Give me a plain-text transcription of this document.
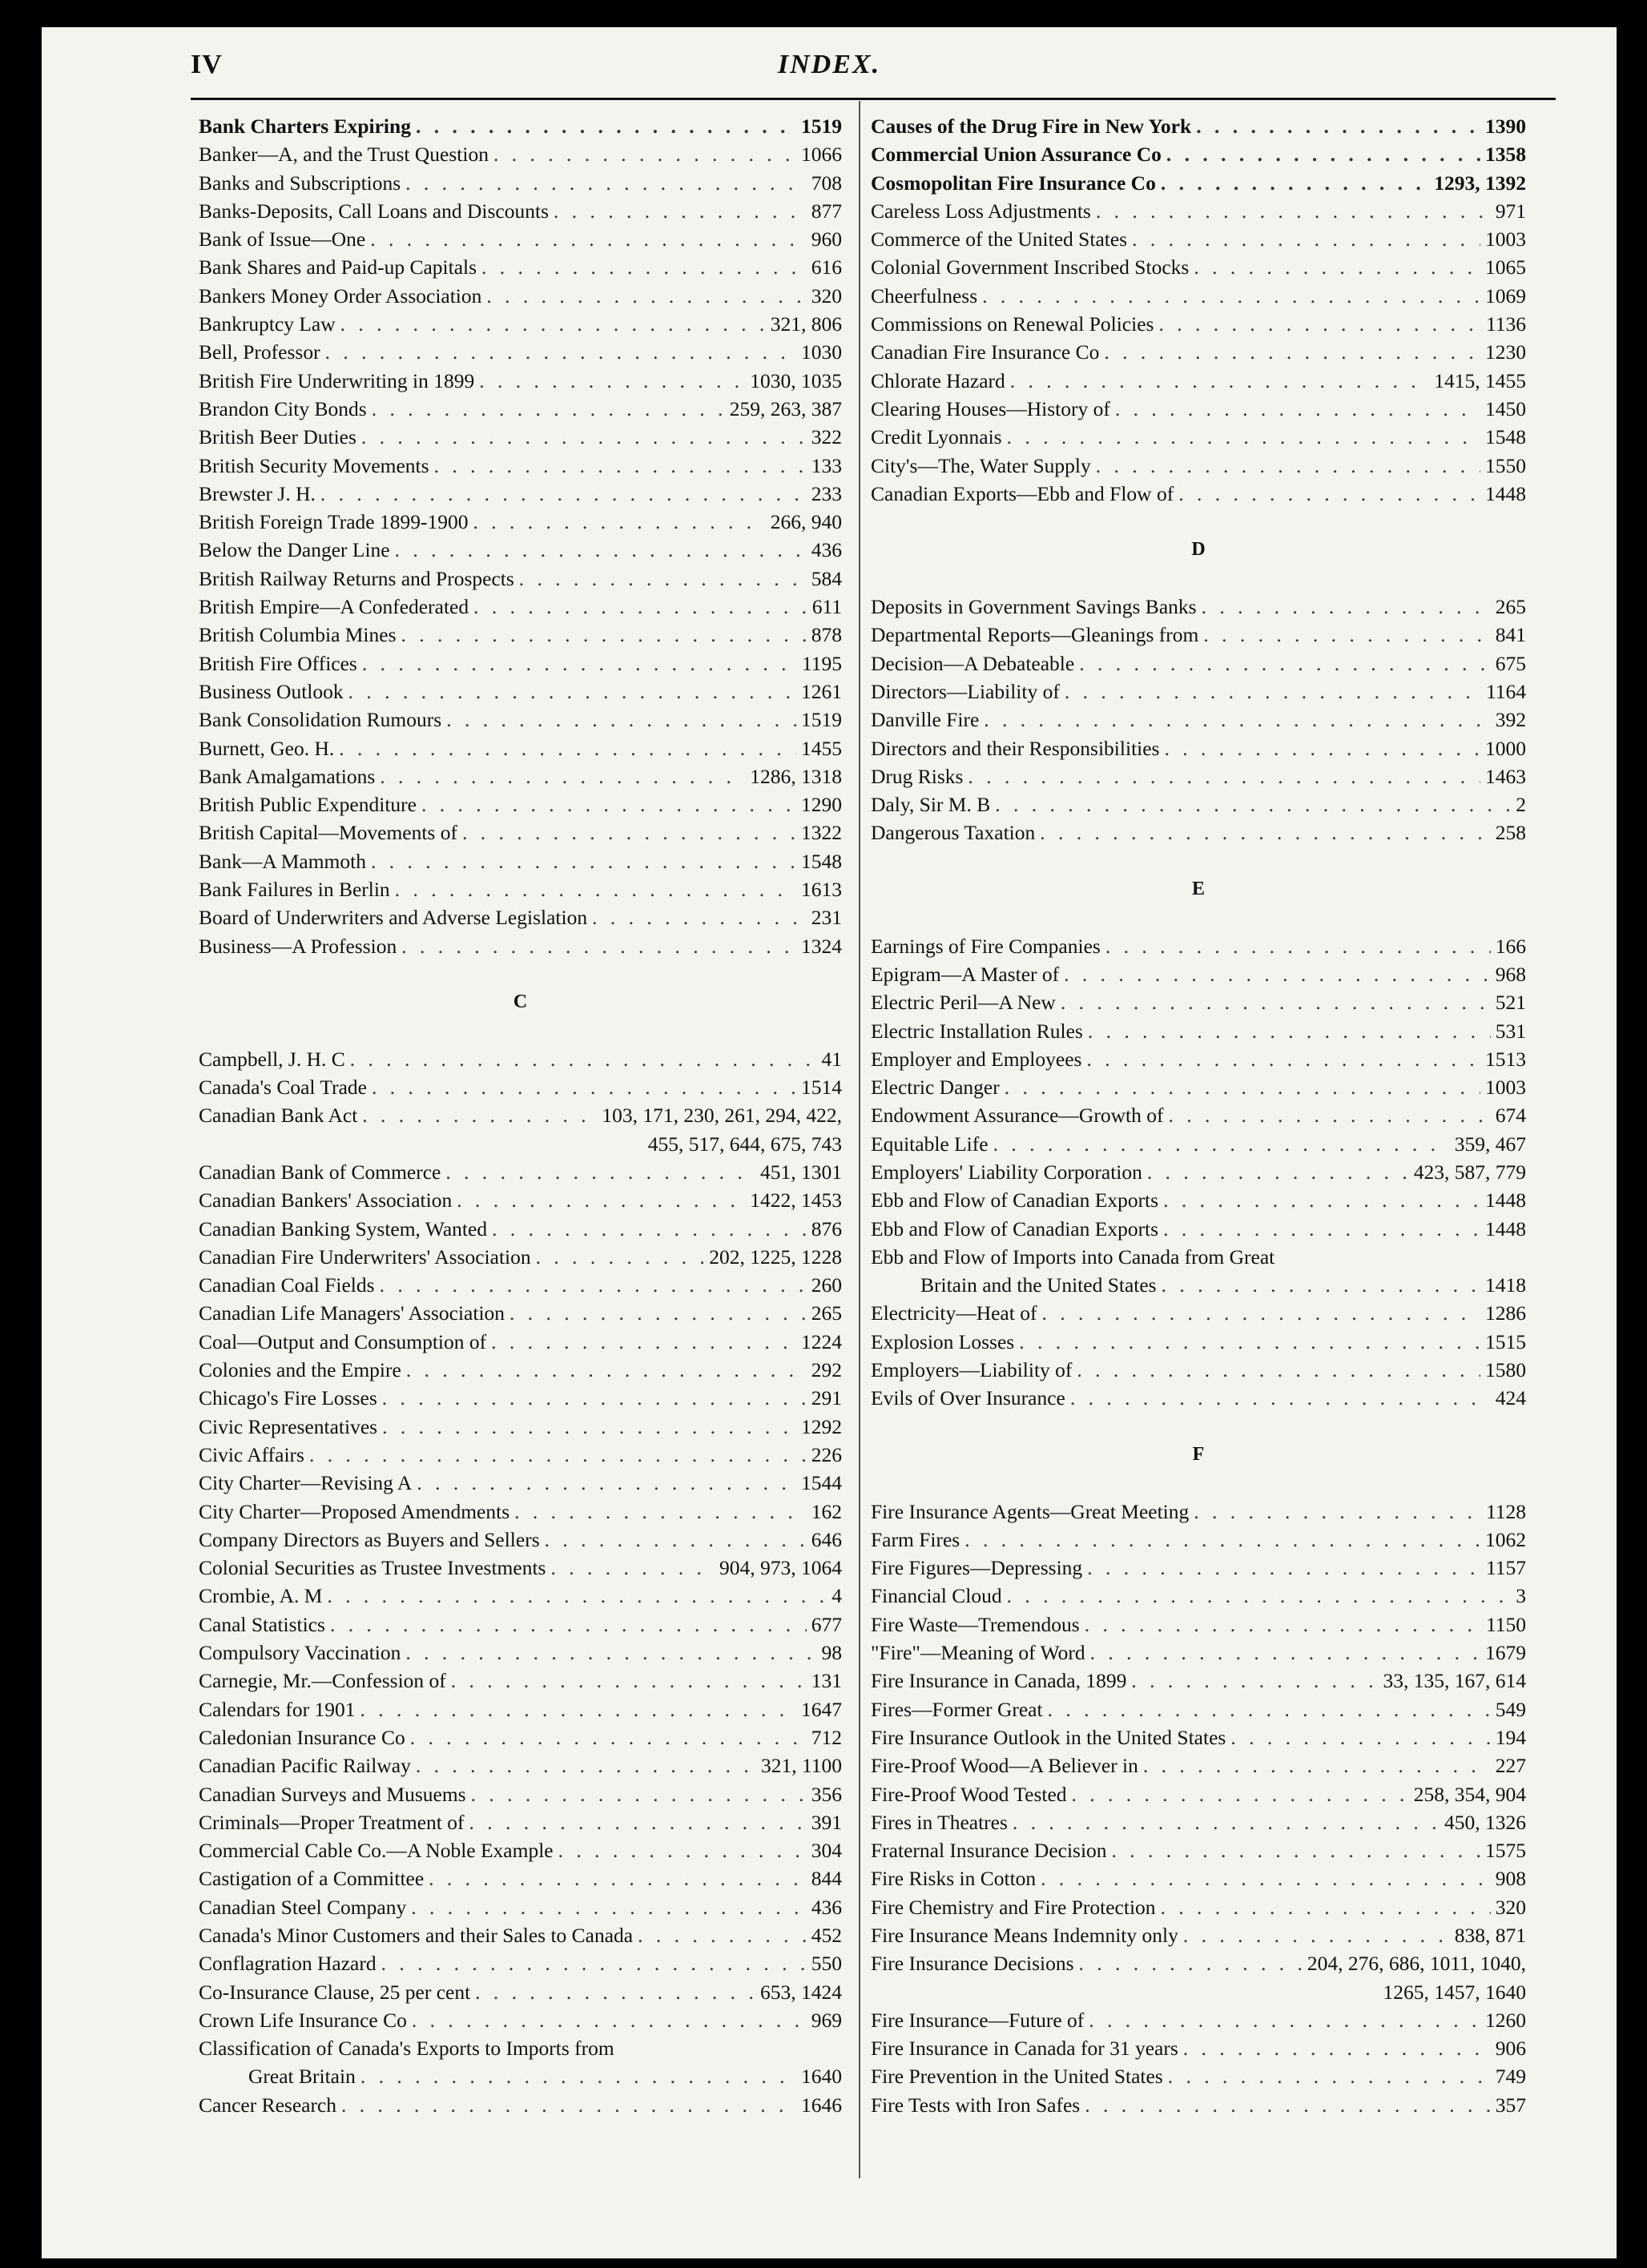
IV	INDEX.
Bank Charters Expiring . . .	1519
Banker—A, and the Trust Question . . .	1066
Banks and Subscriptions . . .	708
Banks-Deposits, Call Loans and Discounts . . .	877
Bank of Issue—One . . .	960
Bank Shares and Paid-up Capitals . . .	616
Bankers Money Order Association . . .	320
Bankruptcy Law . . .	321, 806
Bell, Professor . . .	1030
British Fire Underwriting in 1899 . . .	1030, 1035
Brandon City Bonds . . .	259, 263, 387
British Beer Duties . . .	322
British Security Movements . . .	133
Brewster J. H. . . .	233
British Foreign Trade 1899-1900 . . .	266, 940
Below the Danger Line . . .	436
British Railway Returns and Prospects . . .	584
British Empire—A Confederated . . .	611
British Columbia Mines . . .	878
British Fire Offices . . .	1195
Business Outlook . . .	1261
Bank Consolidation Rumours . . .	1519
Burnett, Geo. H. . . .	1455
Bank Amalgamations . . .	1286, 1318
British Public Expenditure . . .	1290
British Capital—Movements of . . .	1322
Bank—A Mammoth . . .	1548
Bank Failures in Berlin . . .	1613
Board of Underwriters and Adverse Legislation . . .	231
Business—A Profession . . .	1324
C
Campbell, J. H. C . . .	41
Canada's Coal Trade . . .	1514
Canadian Bank Act . . .	103, 171, 230, 261, 294, 422,
455, 517, 644, 675, 743
Canadian Bank of Commerce . . .	451, 1301
Canadian Bankers' Association . . .	1422, 1453
Canadian Banking System, Wanted . . .	876
Canadian Fire Underwriters' Association . . .	202, 1225, 1228
Canadian Coal Fields . . .	260
Canadian Life Managers' Association . . .	265
Coal—Output and Consumption of . . .	1224
Colonies and the Empire . . .	292
Chicago's Fire Losses . . .	291
Civic Representatives . . .	1292
Civic Affairs . . .	226
City Charter—Revising A . . .	1544
City Charter—Proposed Amendments . . .	162
Company Directors as Buyers and Sellers . . .	646
Colonial Securities as Trustee Investments . . .	904, 973, 1064
Crombie, A. M . . .	4
Canal Statistics . . .	677
Compulsory Vaccination . . .	98
Carnegie, Mr.—Confession of . . .	131
Calendars for 1901 . . .	1647
Caledonian Insurance Co . . .	712
Canadian Pacific Railway . . .	321, 1100
Canadian Surveys and Musuems . . .	356
Criminals—Proper Treatment of . . .	391
Commercial Cable Co.—A Noble Example . . .	304
Castigation of a Committee . . .	844
Canadian Steel Company . . .	436
Canada's Minor Customers and their Sales to Canada . . .	452
Conflagration Hazard . . .	550
Co-Insurance Clause, 25 per cent . . .	653, 1424
Crown Life Insurance Co . . .	969
Classification of Canada's Exports to Imports from
Great Britain . . .	1640
Cancer Research . . .	1646
Causes of the Drug Fire in New York . . .	1390
Commercial Union Assurance Co . . .	1358
Cosmopolitan Fire Insurance Co . . .	1293, 1392
Careless Loss Adjustments . . .	971
Commerce of the United States . . .	1003
Colonial Government Inscribed Stocks . . .	1065
Cheerfulness . . .	1069
Commissions on Renewal Policies . . .	1136
Canadian Fire Insurance Co . . .	1230
Chlorate Hazard . . .	1415, 1455
Clearing Houses—History of . . .	1450
Credit Lyonnais . . .	1548
City's—The, Water Supply . . .	1550
Canadian Exports—Ebb and Flow of . . .	1448
D
Deposits in Government Savings Banks . . .	265
Departmental Reports—Gleanings from . . .	841
Decision—A Debateable . . .	675
Directors—Liability of . . .	1164
Danville Fire . . .	392
Directors and their Responsibilities . . .	1000
Drug Risks . . .	1463
Daly, Sir M. B . . .	2
Dangerous Taxation . . .	258
E
Earnings of Fire Companies . . .	166
Epigram—A Master of . . .	968
Electric Peril—A New . . .	521
Electric Installation Rules . . .	531
Employer and Employees . . .	1513
Electric Danger . . .	1003
Endowment Assurance—Growth of . . .	674
Equitable Life . . .	359, 467
Employers' Liability Corporation . . .	423, 587, 779
Ebb and Flow of Canadian Exports . . .	1448
Ebb and Flow of Canadian Exports . . .	1448
Ebb and Flow of Imports into Canada from Great
Britain and the United States . . .	1418
Electricity—Heat of . . .	1286
Explosion Losses . . .	1515
Employers—Liability of . . .	1580
Evils of Over Insurance . . .	424
F
Fire Insurance Agents—Great Meeting . . .	1128
Farm Fires . . .	1062
Fire Figures—Depressing . . .	1157
Financial Cloud . . .	3
Fire Waste—Tremendous . . .	1150
"Fire"—Meaning of Word . . .	1679
Fire Insurance in Canada, 1899 . . .	33, 135, 167, 614
Fires—Former Great . . .	549
Fire Insurance Outlook in the United States . . .	194
Fire-Proof Wood—A Believer in . . .	227
Fire-Proof Wood Tested . . .	258, 354, 904
Fires in Theatres . . .	450, 1326
Fraternal Insurance Decision . . .	1575
Fire Risks in Cotton . . .	908
Fire Chemistry and Fire Protection . . .	320
Fire Insurance Means Indemnity only . . .	838, 871
Fire Insurance Decisions . . .	204, 276, 686, 1011, 1040,
1265, 1457, 1640
Fire Insurance—Future of . . .	1260
Fire Insurance in Canada for 31 years . . .	906
Fire Prevention in the United States . . .	749
Fire Tests with Iron Safes . . .	357
